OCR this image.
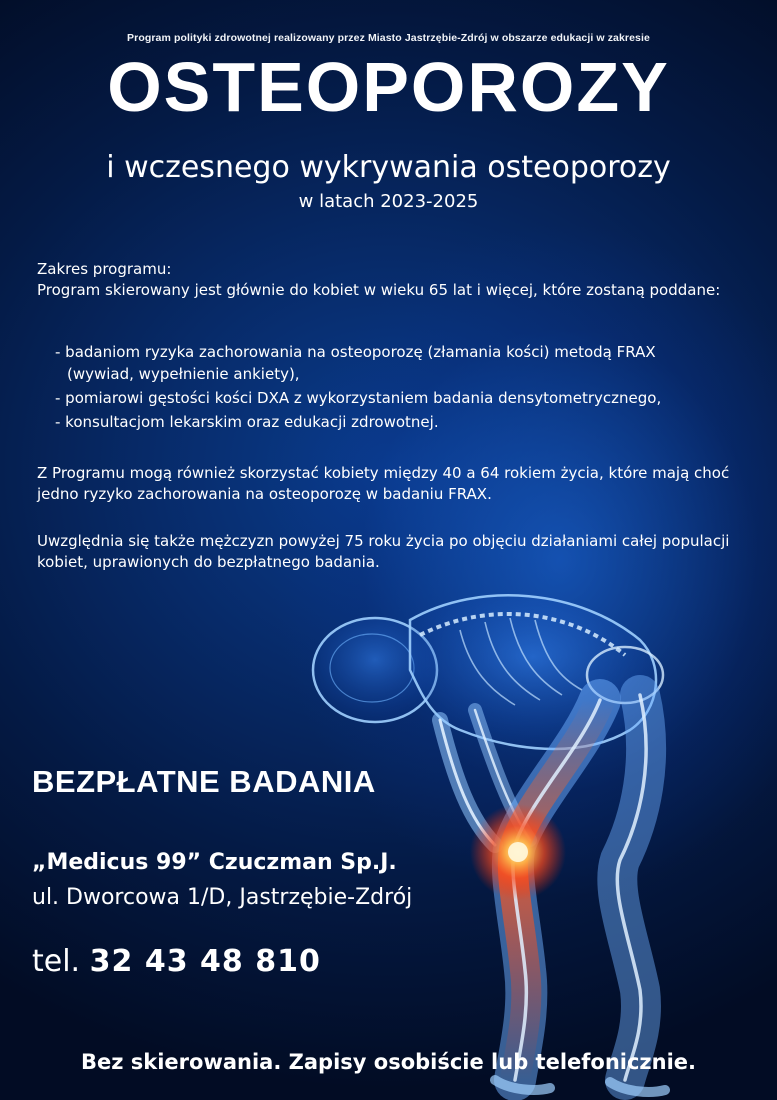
Program polityki zdrowotnej realizowany przez Miasto Jastrzębie-Zdrój w obszarze edukacji w zakresie
OSTEOPOROZY
i wczesnego wykrywania osteoporozy
w latach 2023-2025
Zakres programu:
Program skierowany jest głównie do kobiet w wieku 65 lat i więcej, które zostaną poddane:
- badaniom ryzyka zachorowania na osteoporozę (złamania kości) metodą FRAX
(wywiad, wypełnienie ankiety),
- pomiarowi gęstości kości DXA z wykorzystaniem badania densytometrycznego,
- konsultacjom lekarskim oraz edukacji zdrowotnej.
Z Programu mogą również skorzystać kobiety między 40 a 64 rokiem życia, które mają choć jedno ryzyko zachorowania na osteoporozę w badaniu FRAX.
Uwzględnia się także mężczyzn powyżej 75 roku życia po objęciu działaniami całej populacji kobiet, uprawionych do bezpłatnego badania.
BEZPŁATNE BADANIA
„Medicus 99” Czuczman Sp.J.
ul. Dworcowa 1/D, Jastrzębie-Zdrój
tel. 32 43 48 810
Bez skierowania. Zapisy osobiście lub telefonicznie.
